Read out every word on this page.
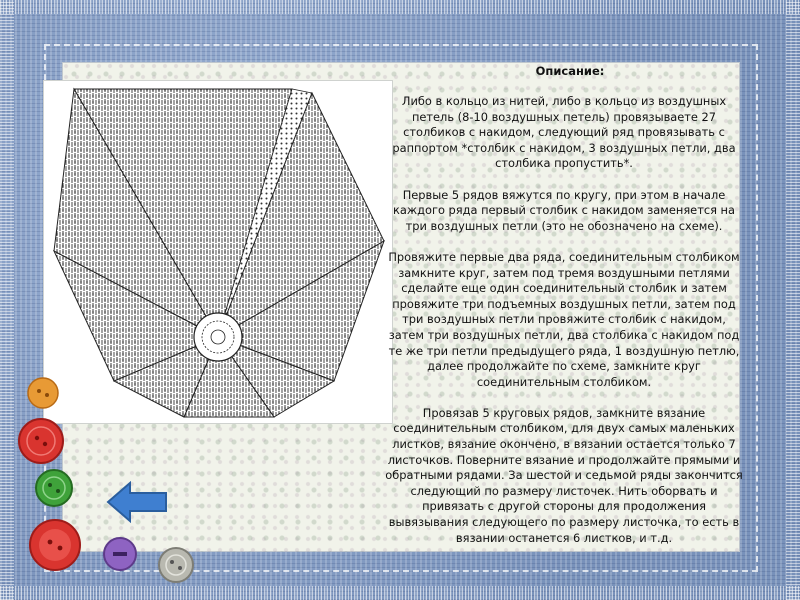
Описание:

Либо в кольцо из нитей, либо в кольцо из воздушных петель (8-10 воздушных петель) провязываете 27 столбиков с накидом, следующий ряд провязывать с раппортом *столбик с накидом, 3 воздушных петли, два столбика пропустить*.

Первые 5 рядов вяжутся по кругу, при этом в начале каждого ряда первый столбик с накидом заменяется на три воздушных петли (это не обозначено на схеме).

Провяжите первые два ряда, соединительным столбиком замкните круг, затем под тремя воздушными петлями сделайте еще один соединительный столбик и затем провяжите три подъемных воздушных петли, затем под три воздушных петли провяжите столбик с накидом, затем три воздушных петли, два столбика с накидом под те же три петли предыдущего ряда, 1 воздушную петлю, далее продолжайте по схеме, замкните круг соединительным столбиком.

Провязав 5 круговых рядов, замкните вязание соединительным столбиком, для двух самых маленьких листков, вязание окончено, в вязании остается только 7 листочков. Поверните вязание и продолжайте прямыми и обратными рядами. За шестой и седьмой ряды закончится следующий по размеру листочек. Нить оборвать и привязать с другой стороны для продолжения вывязывания следующего по размеру листочка, то есть в вязании останется 6 листков, и т.д.
